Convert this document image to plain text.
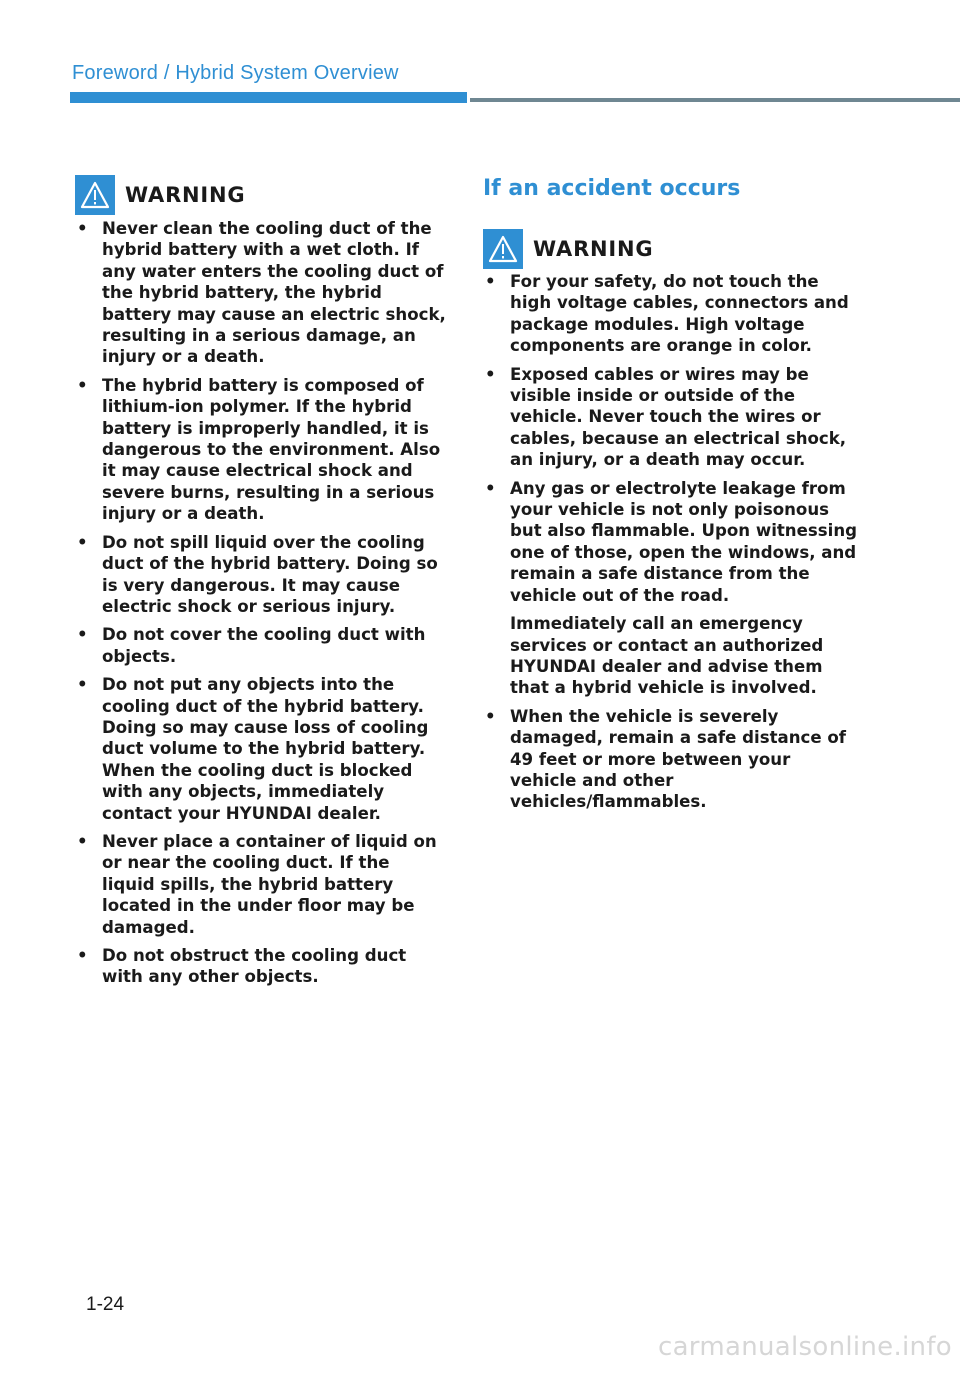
Foreword / Hybrid System Overview
WARNING
• Never clean the cooling duct of the hybrid battery with a wet cloth. If any water enters the cooling duct of the hybrid battery, the hybrid battery may cause an electric shock, resulting in a serious damage, an injury or a death.
• The hybrid battery is composed of lithium-ion polymer. If the hybrid battery is improperly handled, it is dangerous to the environment. Also it may cause electrical shock and severe burns, resulting in a serious injury or a death.
• Do not spill liquid over the cooling duct of the hybrid battery. Doing so is very dangerous. It may cause electric shock or serious injury.
• Do not cover the cooling duct with objects.
• Do not put any objects into the cooling duct of the hybrid battery. Doing so may cause loss of cooling duct volume to the hybrid battery. When the cooling duct is blocked with any objects, immediately contact your HYUNDAI dealer.
• Never place a container of liquid on or near the cooling duct. If the liquid spills, the hybrid battery located in the under floor may be damaged.
• Do not obstruct the cooling duct with any other objects.
If an accident occurs
WARNING
• For your safety, do not touch the high voltage cables, connectors and package modules. High voltage components are orange in color.
• Exposed cables or wires may be visible inside or outside of the vehicle. Never touch the wires or cables, because an electrical shock, an injury, or a death may occur.
• Any gas or electrolyte leakage from your vehicle is not only poisonous but also flammable. Upon witnessing one of those, open the windows, and remain a safe distance from the vehicle out of the road.
Immediately call an emergency services or contact an authorized HYUNDAI dealer and advise them that a hybrid vehicle is involved.
• When the vehicle is severely damaged, remain a safe distance of 49 feet or more between your vehicle and other vehicles/flammables.
1-24
carmanualsonline.info
